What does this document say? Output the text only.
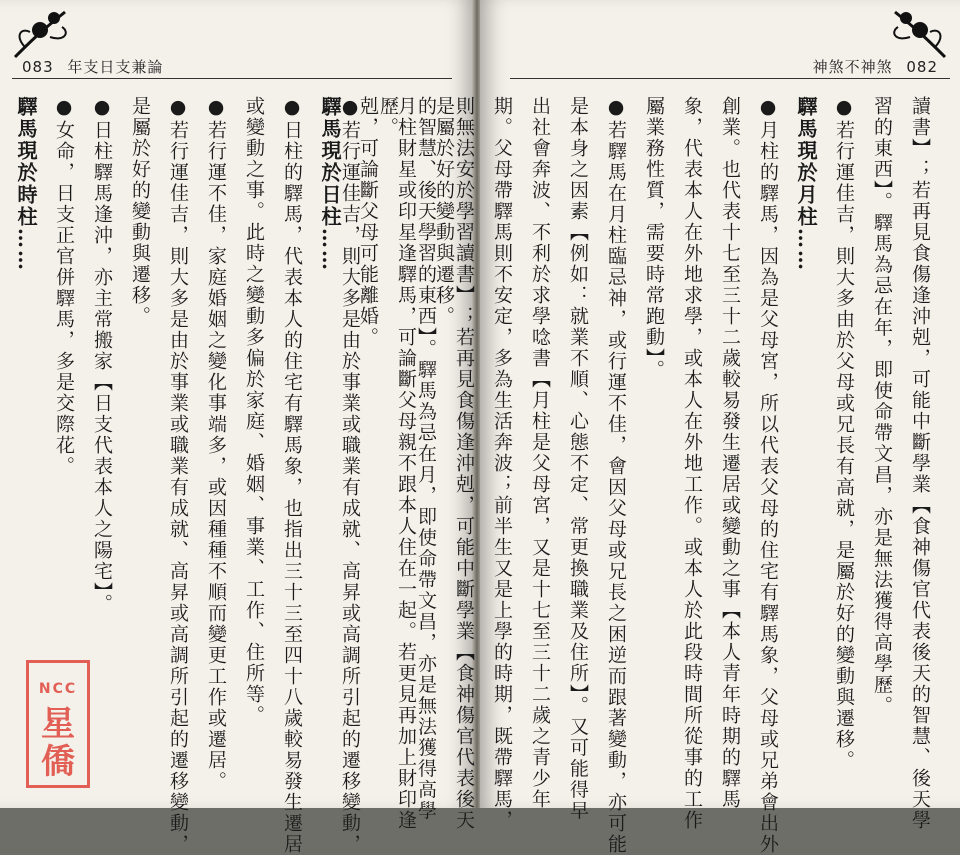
083 年支日支兼論
是屬於好的變動與遷移。
月柱財星或印星逢驛馬，可論斷父母親不跟本人住在一起。若更見再加上財印逢
剋，可論斷父母可能離婚。
驛馬現於日柱……
●日柱的驛馬，代表本人的住宅有驛馬象，也指出三十三至四十八歲較易發生遷居
或變動之事。此時之變動多偏於家庭、婚姻、事業、工作、住所等。
●若行運不佳，家庭婚姻之變化事端多，或因種種不順而變更工作或遷居。
●若行運佳吉，則大多是由於事業或職業有成就、高昇或高調所引起的遷移變動，
是屬於好的變動與遷移。
●日柱驛馬逢沖，亦主常搬家【日支代表本人之陽宅】。
●女命，日支正官併驛馬，多是交際花。
驛馬現於時柱……
NCC
星僑
神煞不神煞 082
讀書】；若再見食傷逢沖剋，可能中斷學業【食神傷官代表後天的智慧、後天學
習的東西】。驛馬為忌在年，即使命帶文昌，亦是無法獲得高學歷。
●若行運佳吉，則大多由於父母或兄長有高就，是屬於好的變動與遷移。
驛馬現於月柱……
●月柱的驛馬，因為是父母宮，所以代表父母的住宅有驛馬象，父母或兄弟會出外
創業。也代表十七至三十二歲較易發生遷居或變動之事【本人青年時期的驛馬
象，代表本人在外地求學，或本人在外地工作。或本人於此段時間所從事的工作
屬業務性質，需要時常跑動】。
●若驛馬在月柱臨忌神，或行運不佳，會因父母或兄長之困逆而跟著變動，亦可能
是本身之因素【例如：就業不順、心態不定、常更換職業及住所】。又可能得早
出社會奔波、不利於求學唸書【月柱是父母宮，又是十七至三十二歲之青少年
期。父母帶驛馬則不安定，多為生活奔波；前半生又是上學的時期，既帶驛馬，
則無法安於學習讀書】；若再見食傷逢沖剋，可能中斷學業【食神傷官代表後天
的智慧、後天學習的東西】。驛馬為忌在月，即使命帶文昌，亦是無法獲得高學
歷。
●若行運佳吉，則大多是由於事業或職業有成就、高昇或高調所引起的遷移變動，
